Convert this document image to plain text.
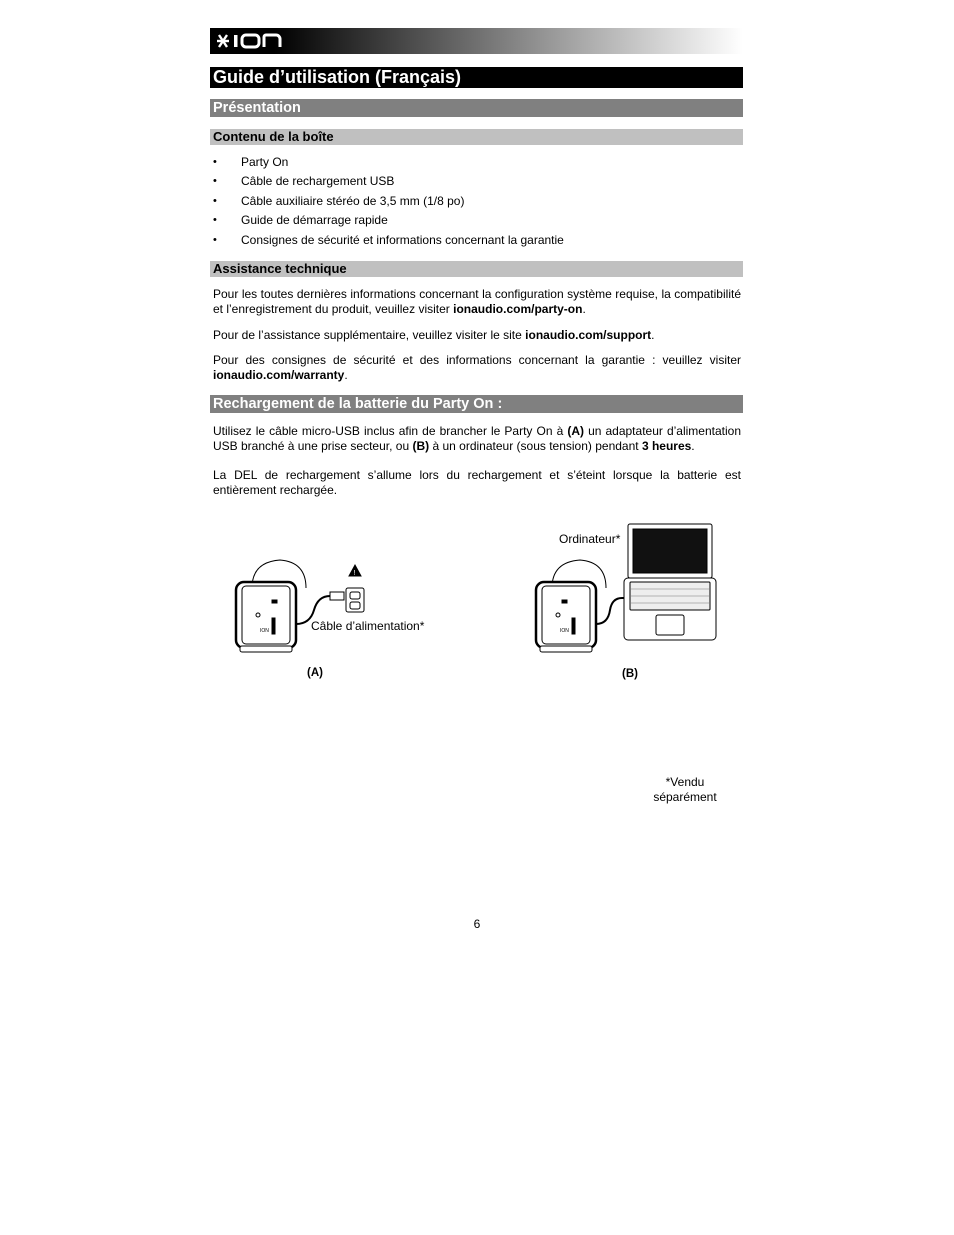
Guide d’utilisation (Français)
Présentation
Contenu de la boîte
• Party On
• Câble de rechargement USB
• Câble auxiliaire stéréo de 3,5 mm (1/8 po)
• Guide de démarrage rapide
• Consignes de sécurité et informations concernant la garantie
Assistance technique

Pour les toutes dernières informations concernant la configuration système requise, la compatibilité et l’enregistrement du produit, veuillez visiter ionaudio.com/party-on.

Pour de l’assistance supplémentaire, veuillez visiter le site ionaudio.com/support.

Pour des consignes de sécurité et des informations concernant la garantie : veuillez visiter ionaudio.com/warranty.

Rechargement de la batterie du Party On :

Utilisez le câble micro-USB inclus afin de brancher le Party On à (A) un adaptateur d’alimentation USB branché à une prise secteur, ou (B) à un ordinateur (sous tension) pendant 3 heures.

La DEL de rechargement s’allume lors du rechargement et s’éteint lorsque la batterie est entièrement rechargée.

ION
!
ION
Ordinateur*
Câble d’alimentation*
(A)	(B)
*Vendu
séparément
6
